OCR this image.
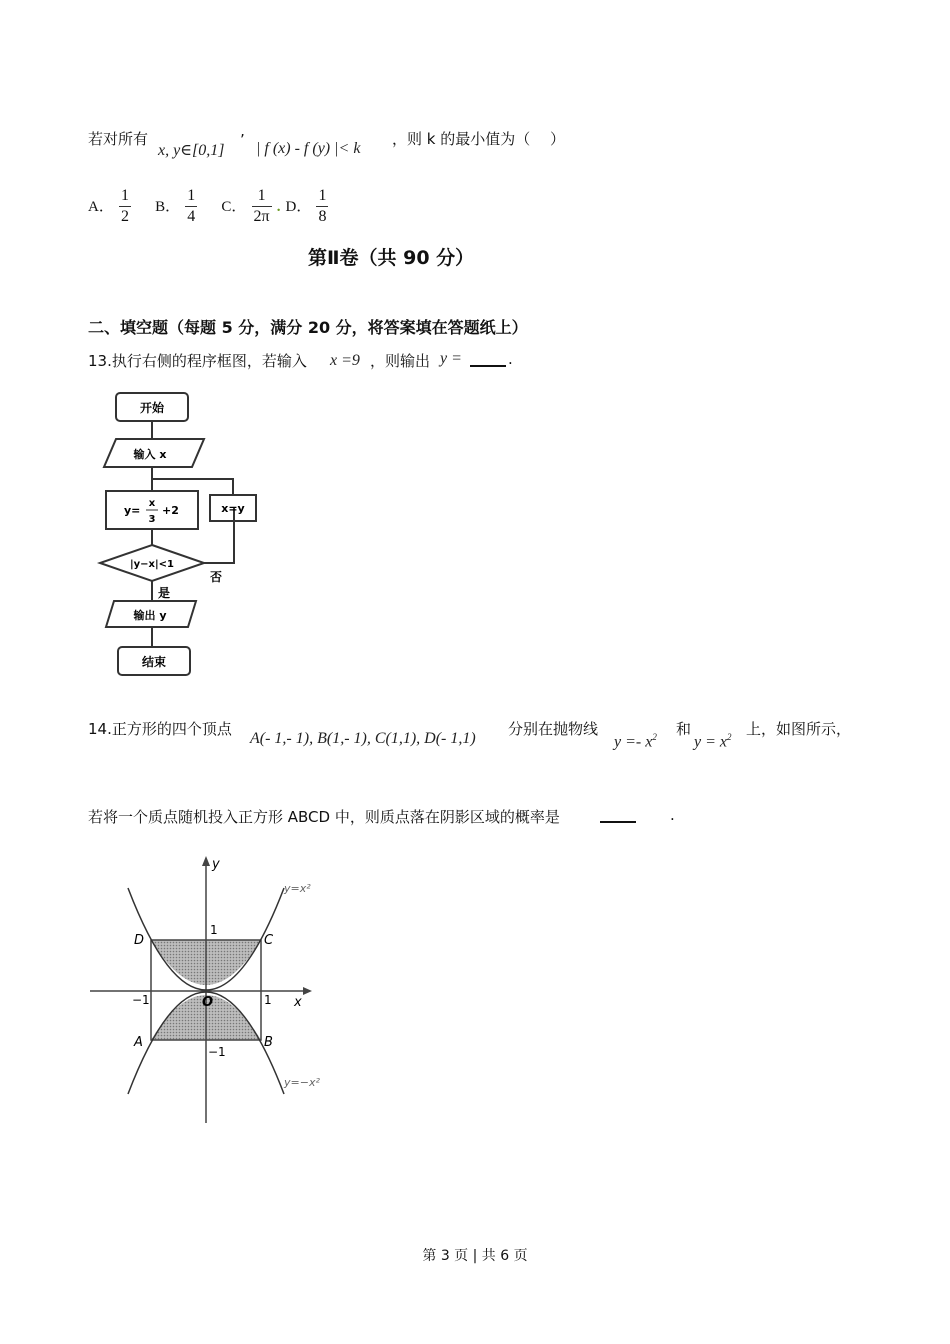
若对所有
x, y∈[0,1]
’ | f (x) - f (y) |< k
，则 k 的最小值为（　 ）
A． $\frac{1}{2}$ B． $\frac{1}{4}$ C． $\frac{1}{2\pi}$ . D． $\frac{1}{8}$
第Ⅱ卷（共 90 分）
二、填空题（每题 5 分，满分 20 分，将答案填在答题纸上）
13.执行右侧的程序框图，若输入 x =9 ，则输出 y =	.
开始
输入 x
y=
x
3
+2	x=y
|y−x|<1
否
是
输出 y
结束
14.正方形的四个顶点
A(- 1,- 1), B(1,- 1), C(1,1), D(- 1,1)
分别在抛物线
$y =- x^2$ 和
$y = x^2$ 上，如图所示，
若将一个质点随机投入正方形 ABCD 中，则质点落在阴影区域的概率是	.
y
x
O
1
−1
1
−1
D	C
A	B
y=x²
y=−x²
第 3 页 | 共 6 页
